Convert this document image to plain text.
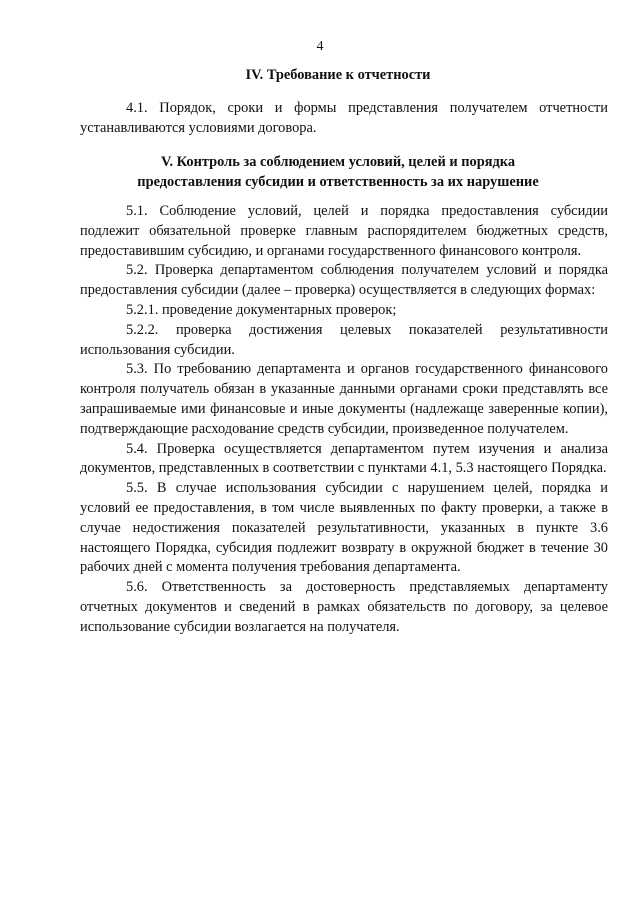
4

IV. Требование к отчетности

4.1. Порядок, сроки и формы представления получателем отчетности устанавливаются условиями договора.

V. Контроль за соблюдением условий, целей и порядка

предоставления субсидии и ответственность за их нарушение

5.1. Соблюдение условий, целей и порядка предоставления субсидии подлежит обязательной проверке главным распорядителем бюджетных средств, предоставившим субсидию, и органами государственного финансового контроля.

5.2. Проверка департаментом соблюдения получателем условий и порядка предоставления субсидии (далее – проверка) осуществляется в следующих формах:

5.2.1. проведение документарных проверок;

5.2.2. проверка достижения целевых показателей результативности использования субсидии.

5.3. По требованию департамента и органов государственного финансового контроля получатель обязан в указанные данными органами сроки представлять все запрашиваемые ими финансовые и иные документы (надлежаще заверенные копии), подтверждающие расходование средств субсидии, произведенное получателем.

5.4. Проверка осуществляется департаментом путем изучения и анализа документов, представленных в соответствии с пунктами 4.1, 5.3 настоящего Порядка.

5.5. В случае использования субсидии с нарушением целей, порядка и условий ее предоставления, в том числе выявленных по факту проверки, а также в случае недостижения показателей результативности, указанных в пункте 3.6 настоящего Порядка, субсидия подлежит возврату в окружной бюджет в течение 30 рабочих дней с момента получения требования департамента.

5.6. Ответственность за достоверность представляемых департаменту отчетных документов и сведений в рамках обязательств по договору, за целевое использование субсидии возлагается на получателя.
